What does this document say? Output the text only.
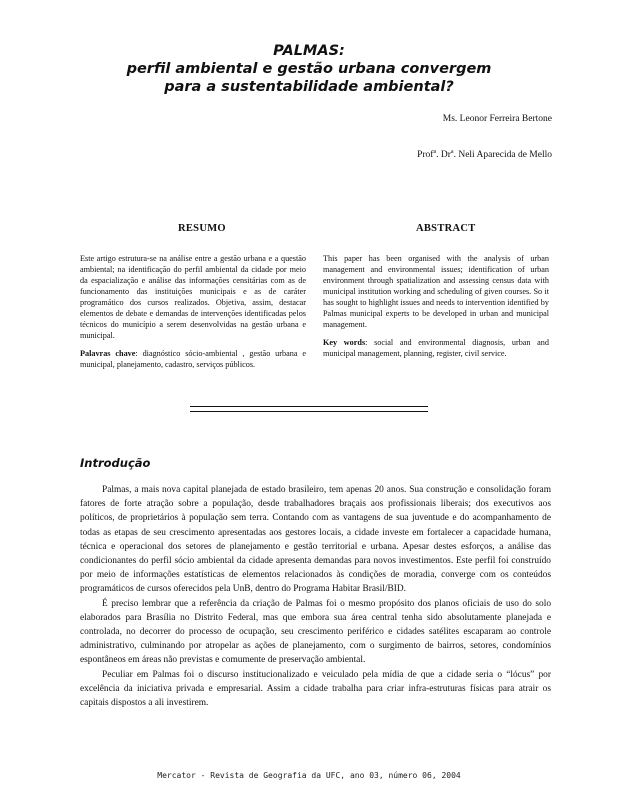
PALMAS:
perfil ambiental e gestão urbana convergem
para a sustentabilidade ambiental?
Ms. Leonor Ferreira Bertone
Prof$^a$. Dr$^a$. Neli Aparecida de Mello
RESUMO	ABSTRACT

Este artigo estrutura-se na análise entre a gestão urbana e a questão ambiental; na identificação do perfil ambiental da cidade por meio da espacialização e análise das informações censitárias com as de funcionamento das instituições municipais e as de caráter programático dos cursos realizados. Objetiva, assim, destacar elementos de debate e demandas de intervenções identificadas pelos técnicos do município a serem desenvolvidas na gestão urbana e municipal.

Palavras chave: diagnóstico sócio-ambiental , gestão urbana e municipal, planejamento, cadastro, serviços públicos.

This paper has been organised with the analysis of urban management and environmental issues; identification of urban environment through spatialization and assessing census data with municipal institution working and scheduling of given courses. So it has sought to highlight issues and needs to intervention identified by Palmas municipal experts to be developed in urban and municipal management.

Key words: social and environmental diagnosis, urban and municipal management, planning, register, civil service.

Introdução

Palmas, a mais nova capital planejada de estado brasileiro, tem apenas 20 anos. Sua construção e consolidação foram fatores de forte atração sobre a população, desde trabalhadores braçais aos profissionais liberais; dos executivos aos políticos, de proprietários à população sem terra. Contando com as vantagens de sua juventude e do acompanhamento de todas as etapas de seu crescimento apresentadas aos gestores locais, a cidade investe em fortalecer a capacidade humana, técnica e operacional dos setores de planejamento e gestão territorial e urbana. Apesar destes esforços, a análise das condicionantes do perfil sócio ambiental da cidade apresenta demandas para novos investimentos. Este perfil foi construído por meio de informações estatísticas de elementos relacionados às condições de moradia, converge com os conteúdos programáticos de cursos oferecidos pela UnB, dentro do Programa Habitar Brasil/BID.

É preciso lembrar que a referência da criação de Palmas foi o mesmo propósito dos planos oficiais de uso do solo elaborados para Brasília no Distrito Federal, mas que embora sua área central tenha sido absolutamente planejada e controlada, no decorrer do processo de ocupação, seu crescimento periférico e cidades satélites escaparam ao controle administrativo, culminando por atropelar as ações de planejamento, com o surgimento de bairros, setores, condomínios espontâneos em áreas não previstas e comumente de preservação ambiental.

Peculiar em Palmas foi o discurso institucionalizado e veiculado pela mídia de que a cidade seria o “lócus” por excelência da iniciativa privada e empresarial. Assim a cidade trabalha para criar infra-estruturas físicas para atrair os capitais dispostos a ali investirem.

Mercator - Revista de Geografia da UFC, ano 03, número 06, 2004
